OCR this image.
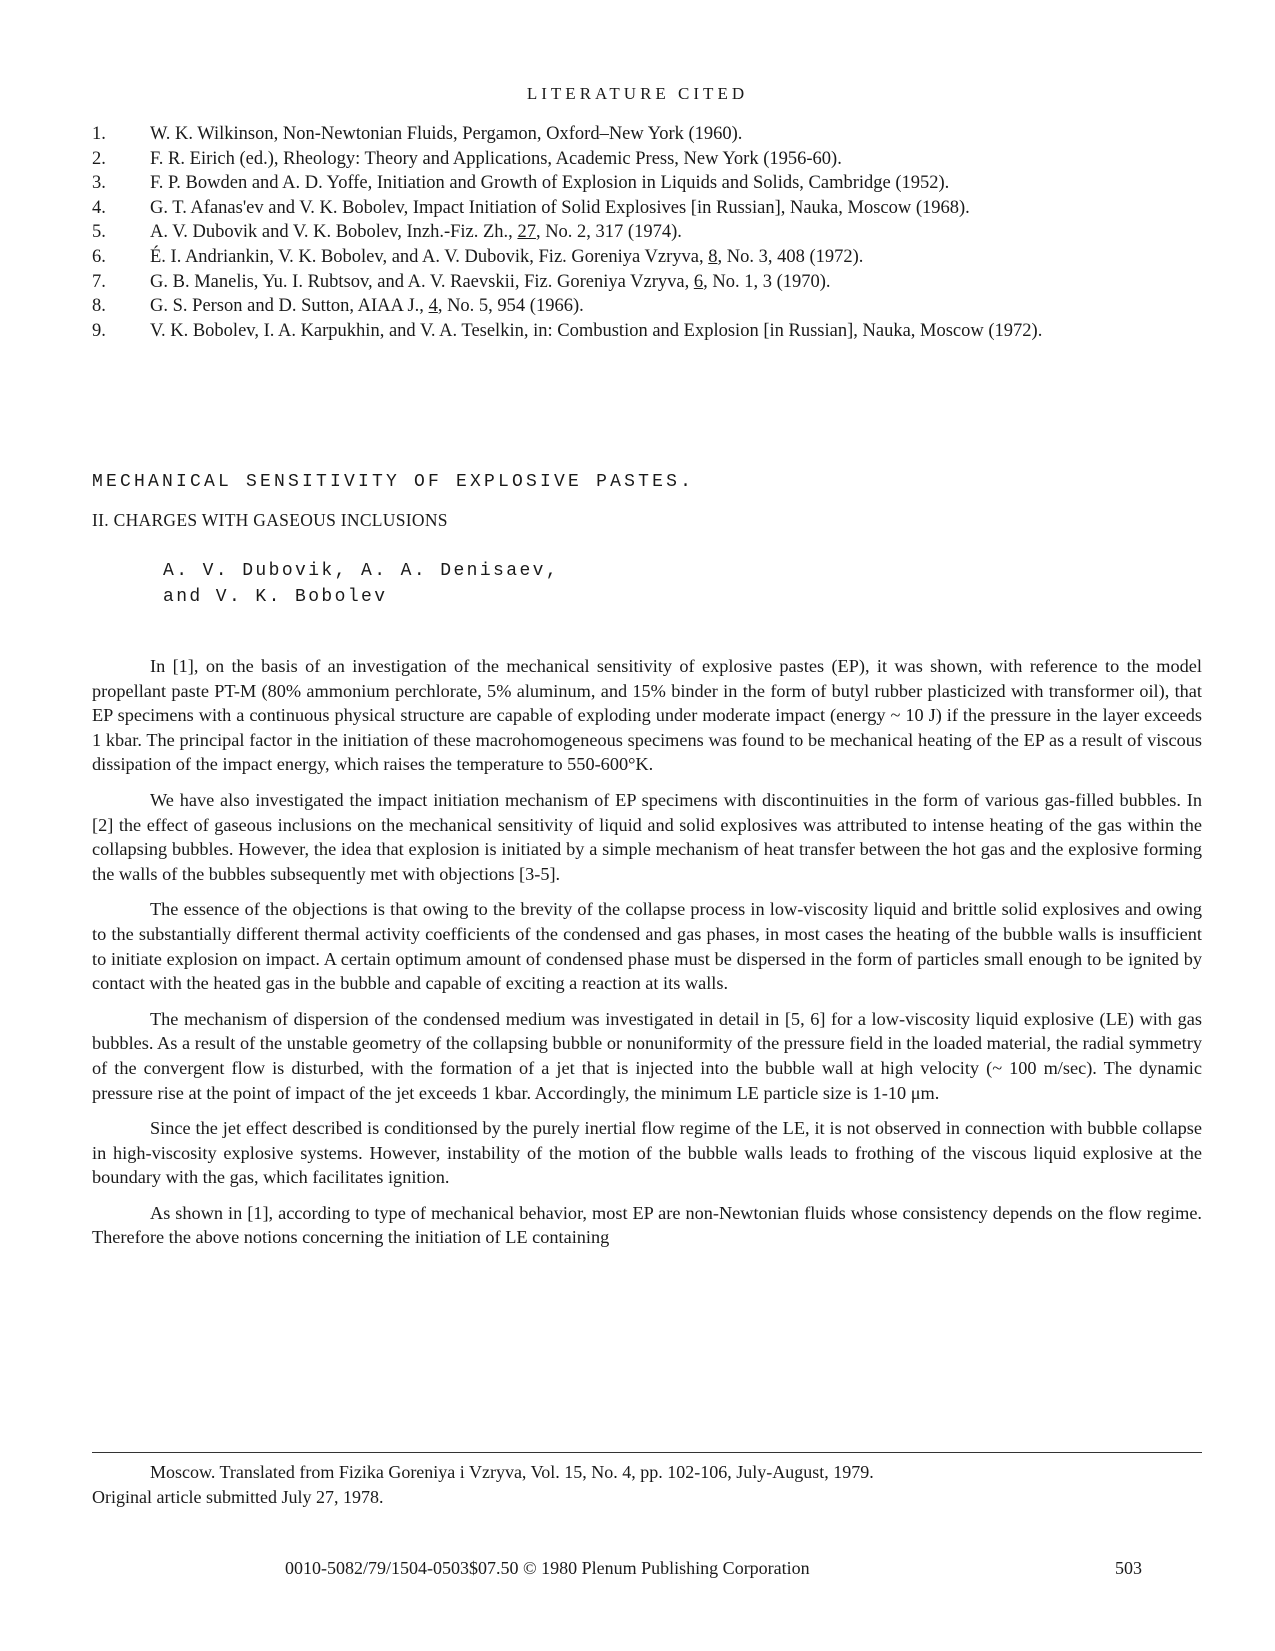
LITERATURE CITED
1.	W. K. Wilkinson, Non-Newtonian Fluids, Pergamon, Oxford–New York (1960).
2.	F. R. Eirich (ed.), Rheology: Theory and Applications, Academic Press, New York (1956-60).
3.	F. P. Bowden and A. D. Yoffe, Initiation and Growth of Explosion in Liquids and Solids, Cambridge (1952).
4.	G. T. Afanas'ev and V. K. Bobolev, Impact Initiation of Solid Explosives [in Russian], Nauka, Moscow (1968).
5.	A. V. Dubovik and V. K. Bobolev, Inzh.-Fiz. Zh., 27, No. 2, 317 (1974).
6.	É. I. Andriankin, V. K. Bobolev, and A. V. Dubovik, Fiz. Goreniya Vzryva, 8, No. 3, 408 (1972).
7.	G. B. Manelis, Yu. I. Rubtsov, and A. V. Raevskii, Fiz. Goreniya Vzryva, 6, No. 1, 3 (1970).
8.	G. S. Person and D. Sutton, AIAA J., 4, No. 5, 954 (1966).
9.	V. K. Bobolev, I. A. Karpukhin, and V. A. Teselkin, in: Combustion and Explosion [in Russian], Nauka, Moscow (1972).
MECHANICAL SENSITIVITY OF EXPLOSIVE PASTES.
II. CHARGES WITH GASEOUS INCLUSIONS
A. V. Dubovik, A. A. Denisaev,
and V. K. Bobolev

In [1], on the basis of an investigation of the mechanical sensitivity of explosive pastes (EP), it was shown, with reference to the model propellant paste PT-M (80% ammonium perchlorate, 5% aluminum, and 15% binder in the form of butyl rubber plasticized with transformer oil), that EP specimens with a continuous physical structure are capable of exploding under moderate impact (energy ~ 10 J) if the pressure in the layer exceeds 1 kbar. The principal factor in the initiation of these macrohomogeneous specimens was found to be mechanical heating of the EP as a result of viscous dissipation of the impact energy, which raises the temperature to 550-600°K.

We have also investigated the impact initiation mechanism of EP specimens with discontinuities in the form of various gas-filled bubbles. In [2] the effect of gaseous inclusions on the mechanical sensitivity of liquid and solid explosives was attributed to intense heating of the gas within the collapsing bubbles. However, the idea that explosion is initiated by a simple mechanism of heat transfer between the hot gas and the explosive forming the walls of the bubbles subsequently met with objections [3-5].

The essence of the objections is that owing to the brevity of the collapse process in low-viscosity liquid and brittle solid explosives and owing to the substantially different thermal activity coefficients of the condensed and gas phases, in most cases the heating of the bubble walls is insufficient to initiate explosion on impact. A certain optimum amount of condensed phase must be dispersed in the form of particles small enough to be ignited by contact with the heated gas in the bubble and capable of exciting a reaction at its walls.

The mechanism of dispersion of the condensed medium was investigated in detail in [5, 6] for a low-viscosity liquid explosive (LE) with gas bubbles. As a result of the unstable geometry of the collapsing bubble or nonuniformity of the pressure field in the loaded material, the radial symmetry of the convergent flow is disturbed, with the formation of a jet that is injected into the bubble wall at high velocity (~ 100 m/sec). The dynamic pressure rise at the point of impact of the jet exceeds 1 kbar. Accordingly, the minimum LE particle size is 1-10 μm.

Since the jet effect described is conditionsed by the purely inertial flow regime of the LE, it is not observed in connection with bubble collapse in high-viscosity explosive systems. However, instability of the motion of the bubble walls leads to frothing of the viscous liquid explosive at the boundary with the gas, which facilitates ignition.

As shown in [1], according to type of mechanical behavior, most EP are non-Newtonian fluids whose consistency depends on the flow regime. Therefore the above notions concerning the initiation of LE containing

Moscow. Translated from Fizika Goreniya i Vzryva, Vol. 15, No. 4, pp. 102-106, July-August, 1979.

Original article submitted July 27, 1978.

0010-5082/79/1504-0503$07.50 © 1980 Plenum Publishing Corporation	503
